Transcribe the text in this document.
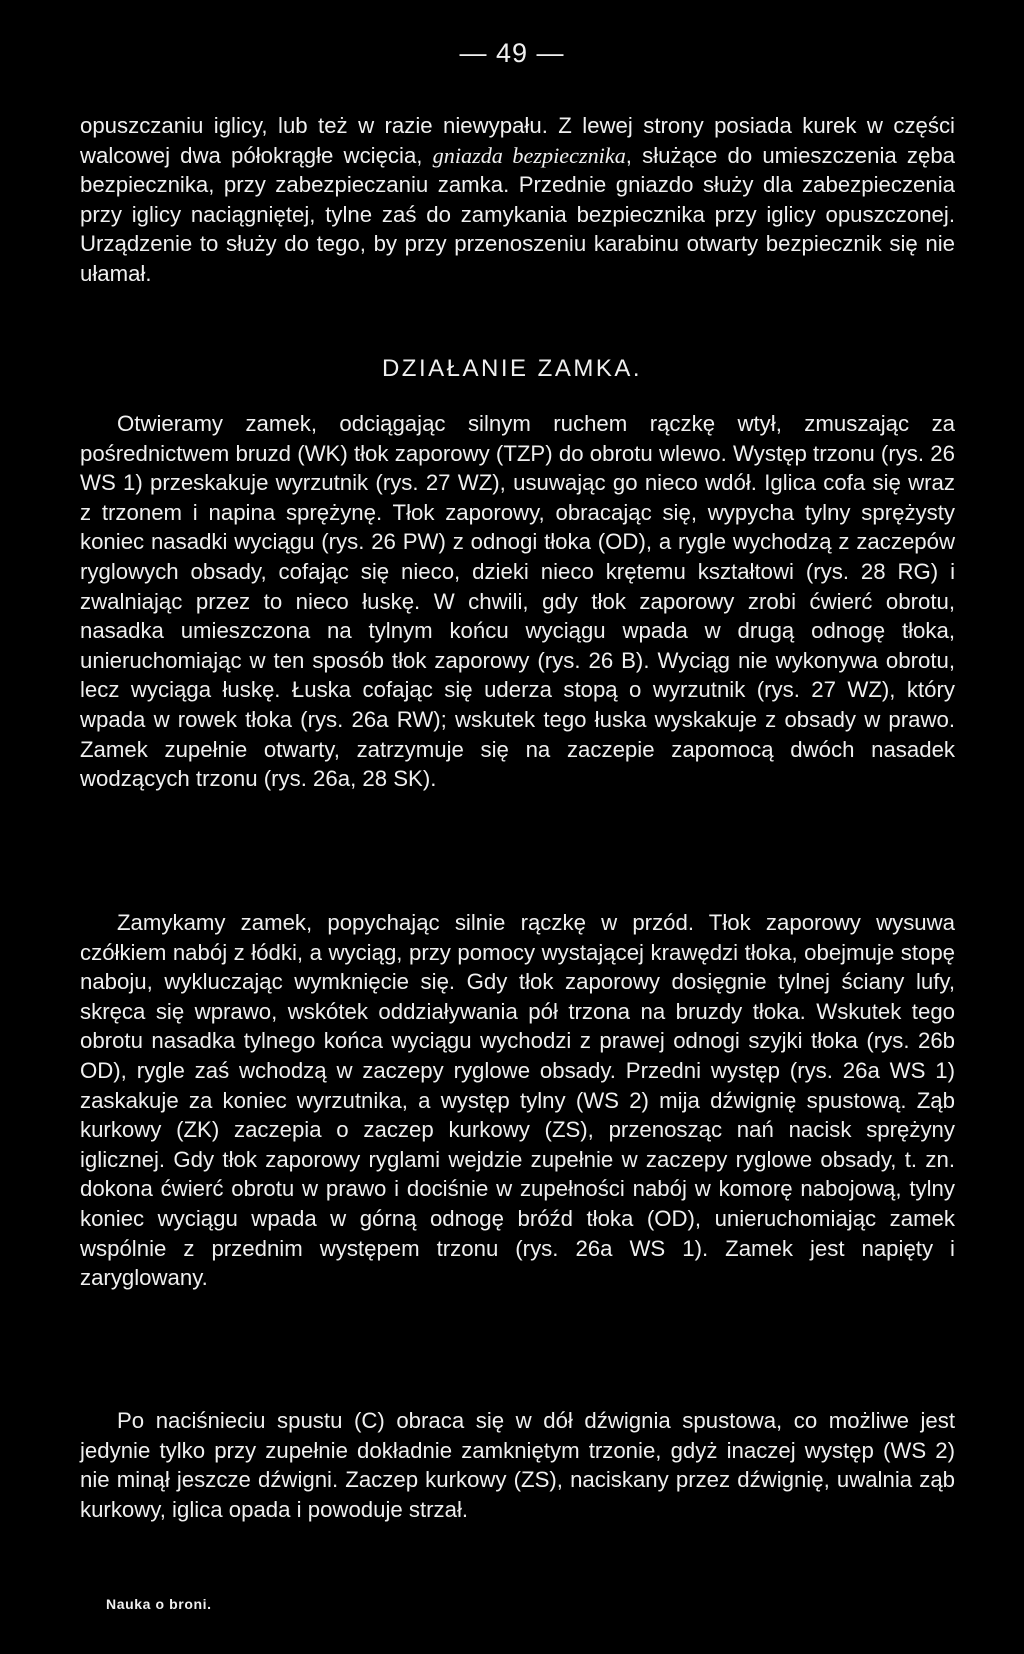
— 49 —

opuszczaniu iglicy, lub też w razie niewypału. Z lewej strony posiada kurek w części walcowej dwa półokrągłe wcięcia, gniazda bezpiecznika, służące do umieszczenia zęba bezpiecznika, przy zabezpieczaniu zamka. Przednie gniazdo służy dla zabezpieczenia przy iglicy naciągniętej, tylne zaś do zamykania bezpiecznika przy iglicy opuszczonej. Urządzenie to służy do tego, by przy przenoszeniu karabinu otwarty bezpiecznik się nie ułamał.

DZIAŁANIE ZAMKA.

Otwieramy zamek, odciągając silnym ruchem rączkę wtył, zmuszając za pośrednictwem bruzd (WK) tłok zaporowy (TZP) do obrotu wlewo. Występ trzonu (rys. 26 WS 1) przeskakuje wyrzutnik (rys. 27 WZ), usuwając go nieco wdół. Iglica cofa się wraz z trzonem i napina sprężynę. Tłok zaporowy, obracając się, wypycha tylny sprężysty koniec nasadki wyciągu (rys. 26 PW) z odnogi tłoka (OD), a rygle wychodzą z zaczepów ryglowych obsady, cofając się nieco, dzieki nieco krętemu kształtowi (rys. 28 RG) i zwalniając przez to nieco łuskę. W chwili, gdy tłok zaporowy zrobi ćwierć obrotu, nasadka umieszczona na tylnym końcu wyciągu wpada w drugą odnogę tłoka, unieruchomiając w ten sposób tłok zaporowy (rys. 26 B). Wyciąg nie wykonywa obrotu, lecz wyciąga łuskę. Łuska cofając się uderza stopą o wyrzutnik (rys. 27 WZ), który wpada w rowek tłoka (rys. 26a RW); wskutek tego łuska wyskakuje z obsady w prawo. Zamek zupełnie otwarty, zatrzymuje się na zaczepie zapomocą dwóch nasadek wodzących trzonu (rys. 26a, 28 SK).

Zamykamy zamek, popychając silnie rączkę w przód. Tłok zaporowy wysuwa czółkiem nabój z łódki, a wyciąg, przy pomocy wystającej krawędzi tłoka, obejmuje stopę naboju, wykluczając wymknięcie się. Gdy tłok zaporowy dosięgnie tylnej ściany lufy, skręca się wprawo, wskótek oddziaływania pół trzona na bruzdy tłoka. Wskutek tego obrotu nasadka tylnego końca wyciągu wychodzi z prawej odnogi szyjki tłoka (rys. 26b OD), rygle zaś wchodzą w zaczepy ryglowe obsady. Przedni występ (rys. 26a WS 1) zaskakuje za koniec wyrzutnika, a występ tylny (WS 2) mija dźwignię spustową. Ząb kurkowy (ZK) zaczepia o zaczep kurkowy (ZS), przenosząc nań nacisk sprężyny iglicznej. Gdy tłok zaporowy ryglami wejdzie zupełnie w zaczepy ryglowe obsady, t. zn. dokona ćwierć obrotu w prawo i dociśnie w zupełności nabój w komorę nabojową, tylny koniec wyciągu wpada w górną odnogę bróźd tłoka (OD), unieruchomiając zamek wspólnie z przednim występem trzonu (rys. 26a WS 1). Zamek jest napięty i zaryglowany.

Po naciśnieciu spustu (C) obraca się w dół dźwignia spustowa, co możliwe jest jedynie tylko przy zupełnie dokładnie zamkniętym trzonie, gdyż inaczej występ (WS 2) nie minął jeszcze dźwigni. Zaczep kurkowy (ZS), naciskany przez dźwignię, uwalnia ząb kurkowy, iglica opada i powoduje strzał.

Nauka o broni.
